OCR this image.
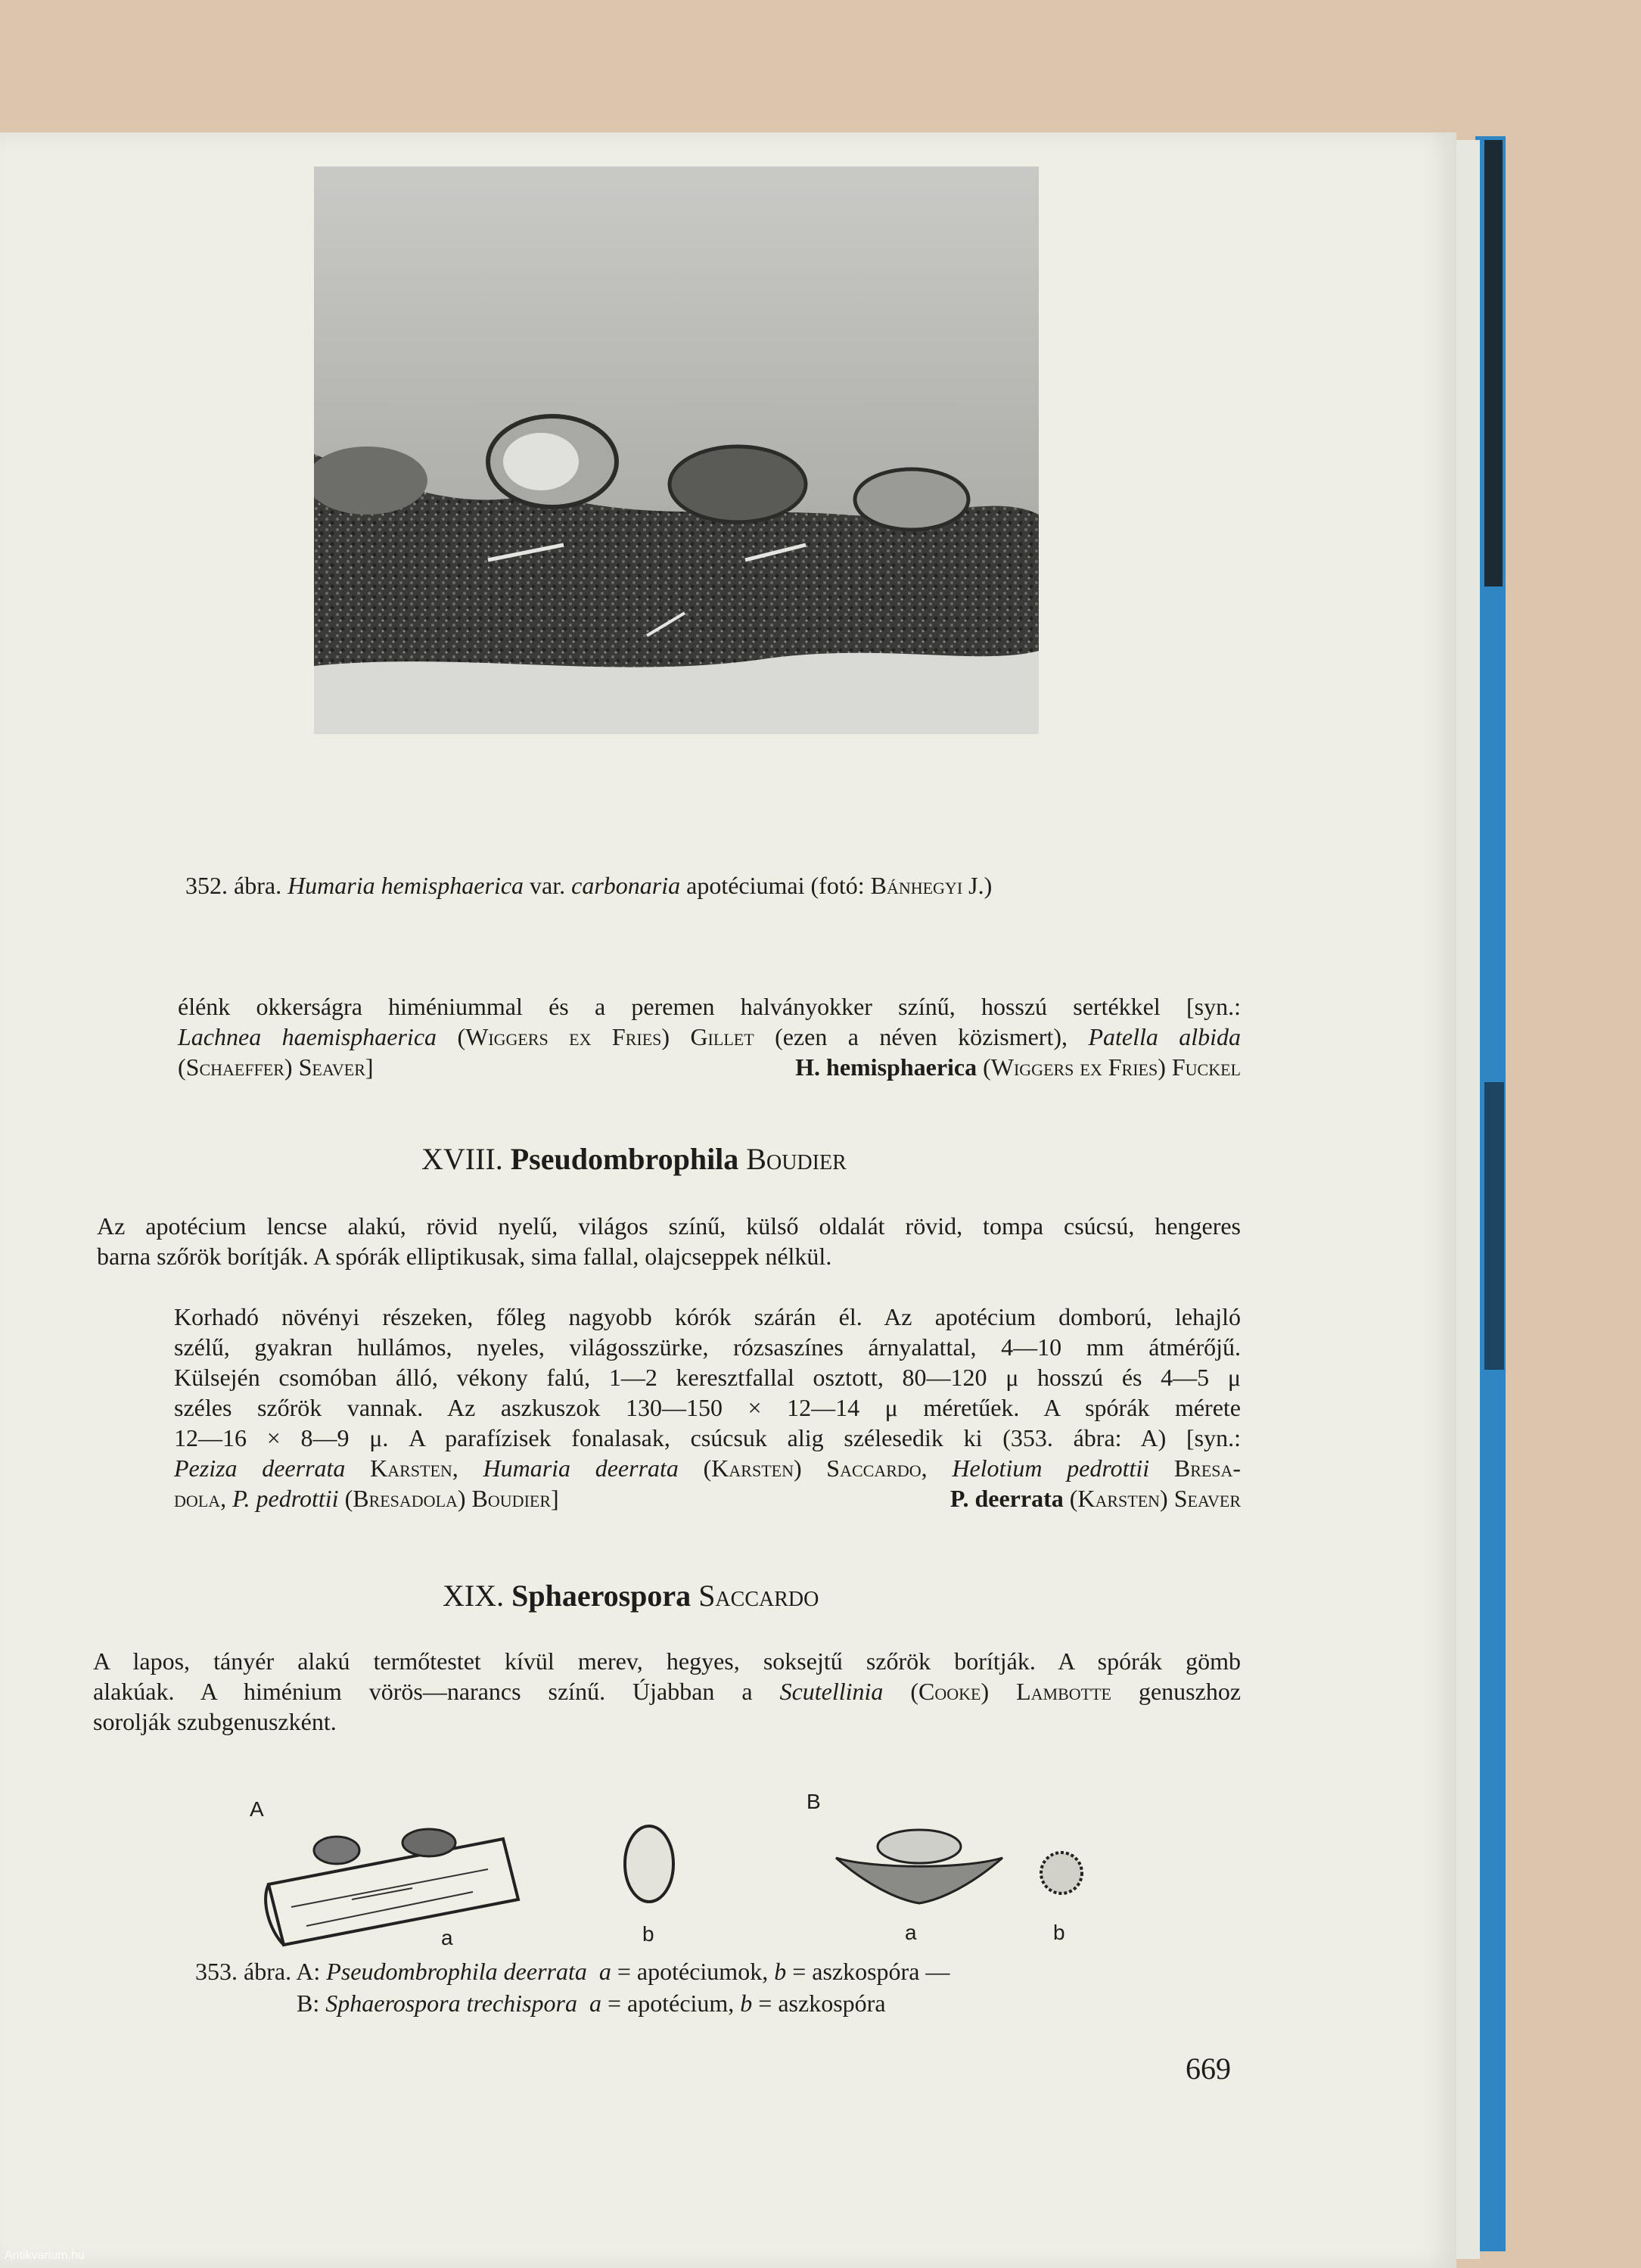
352. ábra. Humaria hemisphaerica var. carbonaria apotéciumai (fotó: Bánhegyi J.)
élénk okkerságra himéniummal és a peremen halványokker színű, hosszú sertékkel [syn.:
Lachnea haemisphaerica (Wiggers ex Fries) Gillet (ezen a néven közismert), Patella albida
(Schaeffer) Seaver]	H. hemisphaerica (Wiggers ex Fries) Fuckel
XVIII. Pseudombrophila Boudier
Az apotécium lencse alakú, rövid nyelű, világos színű, külső oldalát rövid, tompa csúcsú, hengeres
barna szőrök borítják. A spórák elliptikusak, sima fallal, olajcseppek nélkül.
Korhadó növényi részeken, főleg nagyobb kórók szárán él. Az apotécium domború, lehajló
szélű, gyakran hullámos, nyeles, világosszürke, rózsaszínes árnyalattal, 4—10 mm átmérőjű.
Külsején csomóban álló, vékony falú, 1—2 keresztfallal osztott, 80—120 μ hosszú és 4—5 μ
széles szőrök vannak. Az aszkuszok 130—150 × 12—14 μ méretűek. A spórák mérete
12—16 × 8—9 μ. A parafízisek fonalasak, csúcsuk alig szélesedik ki (353. ábra: A) [syn.:
Peziza deerrata Karsten, Humaria deerrata (Karsten) Saccardo, Helotium pedrottii Bresa-
dola, P. pedrottii (Bresadola) Boudier]	P. deerrata (Karsten) Seaver
XIX. Sphaerospora Saccardo
A lapos, tányér alakú termőtestet kívül merev, hegyes, soksejtű szőrök borítják. A spórák gömb
alakúak. A himénium vörös—narancs színű. Újabban a Scutellinia (Cooke) Lambotte genuszhoz
sorolják szubgenuszként.
A	B
a	b	a	b
353. ábra. A: Pseudombrophila deerrata a = apotéciumok, b = aszkospóra —
B: Sphaerospora trechispora a = apotécium, b = aszkospóra
669
Antikvarium.hu
